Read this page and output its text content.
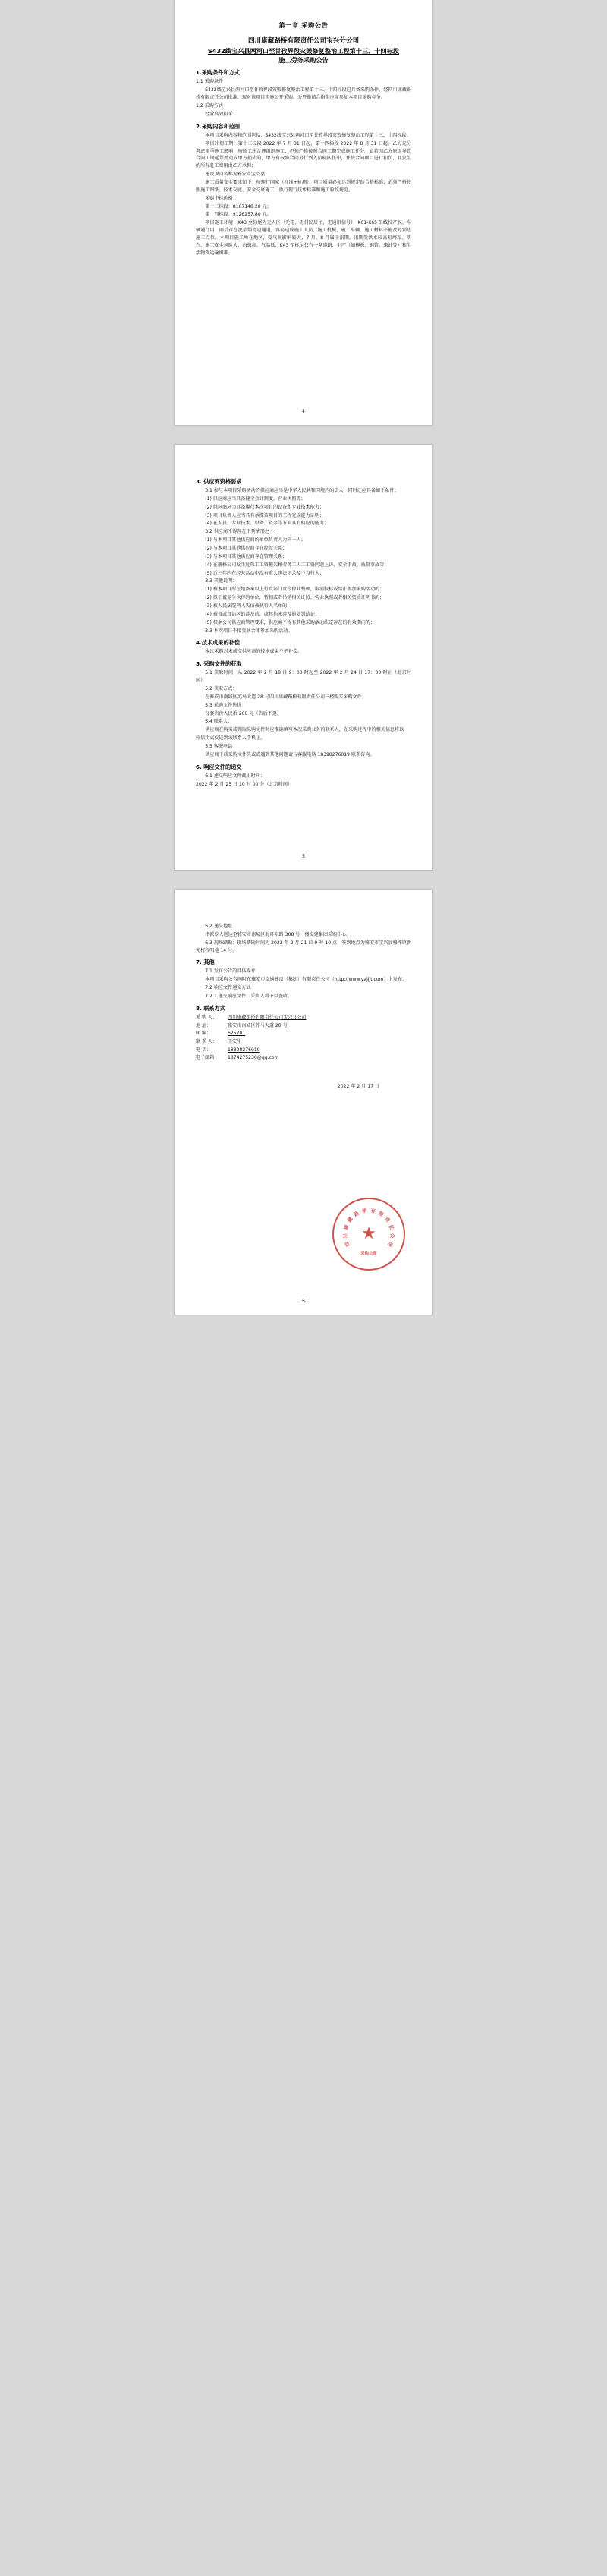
第一章 采购公告
四川康藏路桥有限责任公司宝兴分公司
S432线宝兴县两河口至甘孜界段灾毁修复整治工程第十三、十四标段
施工劳务采购公告
1.采购条件和方式
1.1 采购条件
S432线宝兴县两河口至甘孜界段灾毁修复整治工程第十三、十四标段已具备采购条件，经四川康藏路桥有限责任公司批准、现对该项目实施公开采购，公开邀请合格供应商参加本项目采购竞争。
1.2 采购方式
经营高效招采
2.采购内容和范围
本项目采购内容和范围包括：S432线宝兴县两河口至甘孜界段灾毁修复整治工程第十三、十四标段；
项目计划工期：第十三标段 2022 年 7 月 31 日起，第十四标段 2022 年 8 月 31 日起。乙方充分考虑雨季施工影响，按照工序合理组织施工，必须严格按照合同工期完成施工任务。如若因乙方原因导致合同工期延误并造成甲方损失的，甲方有权将合同另行列入招标队伍中，并按合同项目进行扣罚，且发生的所有赶工费用由乙方承担；
建设项目名称为雅安市宝兴县；
施工质量安全要求如下：按现行国家（标准+检测）、项目质量必须达到规定的合格标准；必须严格按照施工图纸、技术交底、安全交底施工，执行现行技术标准和施工验收规范。
采购中标价格：
第十三标段：8107148.20 元；
第十四标段：9126257.80 元。
项目施工环境：K43 至标尾为无人区（无电、无村民居住，无通讯信号），K61-K65 沿线按产权、车辆通行用，雨后存在泥浆塌垮道通道，容易造成施工人员、施工机械、施工车辆、施工材料不能及时到达施工点位。本项目施工所在地区，受气候影响较大，7 月、8 月属于汛期，汛期受洪水较高易垮塌、落石、施工安全风险大，海拔高、气温低、K43 至标尾仅有一条道路，生产（如模板、钢管、柴油等）和生活物资运输困难。
4
3. 供应商资格要求
3.1 参与本项目采购活动的供应商应当是中华人民共和国境内的法人，同时还应具备如下条件；
(1) 供应商应当具备健全会计制度，营业执照等；
(2) 供应商应当具备履行本次项目的设备和专业技术能力；
(3) 项目负责人应当具有承揽该项目的工程完成能力证明；
(4) 在人员、专业技术、设备、资金等方面具有相应的能力；
3.2 供应商不得存在下列情形之一：
(1) 与本项目其他供应商的单位负责人为同一人；
(2) 与本项目其他供应商存在控股关系；
(3) 与本项目其他供应商存在管理关系；
(4) 在册格公司发生过死工工资拖欠和劳务工人工工资问题上访、安全事故、质量事故等；
(5) 近三年内在经营活动中没有重大违法记录及不良行为；
3.3 其他说明：
(1) 被本项目所在地备案以上行政部门责令停业整顿，取消投标或禁止参加采购活动的；
(2) 拟于被竞争伙伴的单位，暂扣或者吊销相关证照、营业执照或者相关资质证明书的；
(3) 被人民法院列入失信被执行人名单的；
(4) 被省或自治区的涉及的，或其他未涉及的处罚结论；
(5) 根据公司供应商管理要求，供应商不得有其他采购活动法定存在的有效期内的；
3.3 本次项目不接受联合体参加采购活动。
4.技术成果的补偿
本次采购对未成交供应商的技术成果不予补偿。
5. 采购文件的获取
5.1 获取时间：从 2022 年 2 月 18 日 9：00 时起至 2022 年 2 月 24 日 17：00 时止（北京时间）
5.2 获取方式：
在雅安市南城区苏马大道 28 号四川康藏路桥有限责任公司三楼购买采购文件。
5.3 采购文件售价：
每套售价人民币 200 元（售后不退）
5.4 联系人：
供应商在购买或领取采购文件时应准确填写本次采购业务的联系人，在采购过程中的相关信息将以
验信用式发送到该联系人手机上。
5.5 客服电话
供应商下载采购文件失或或遇到其他问题请与客服电话 18398276019 联系咨询。
6. 响应文件的递交
6.1 递交响应文件截止时间：
2022 年 2 月 25 日 10 时 00 分（北京时间）
5
6.2 递交地址
指派专人送达至雅安市南城区北环东路 308 号一楼交建集团采购中心。
6.3 现场踏勘：现场踏勘时间为 2022 年 2 月 21 日 9 时 10 点；签到地点为雅安市宝兴县穆坪镇新光村程明地 14 号。
7. 其他
7.1 发布公告的具体媒介
本项目采购公告同时在雅安市交通建设（集团）有限责任公司（http://www.yajjjt.com）上发布。
7.2 响应文件递交方式
7.2.1 递交响应文件，采购人将予以查收。
8. 联系方式
采 购 人： 四川康藏路桥有限责任公司宝兴分公司
地 址：	雅安市南城区苏马大道 28 号
邮 编：	625701
联 系 人： 王安生
电 话：	18398276019
电子邮箱： 1874275230@qq.com
2022 年 2 月 17 日
四
川
康
藏
路 桥 有 限
责
任
公
司
★
采购公章
6
